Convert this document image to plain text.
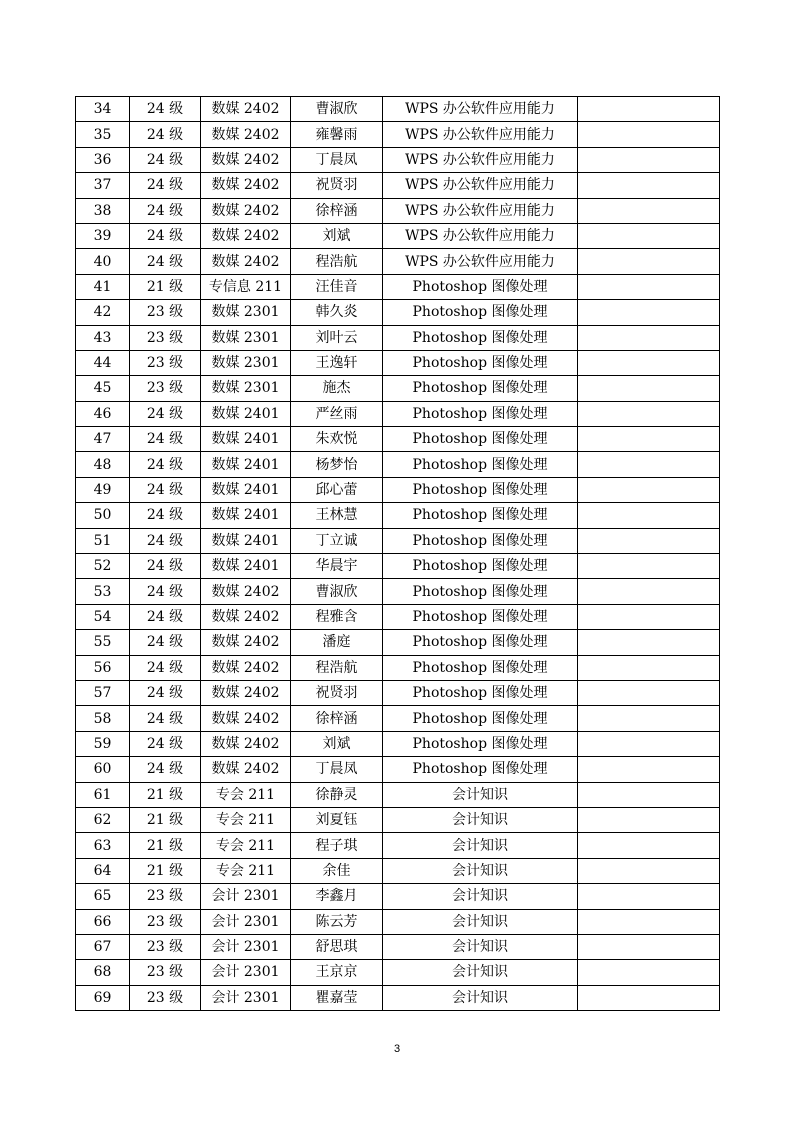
34	24 级	数媒 2402	曹淑欣	WPS 办公软件应用能力	
35	24 级	数媒 2402	雍馨雨	WPS 办公软件应用能力	
36	24 级	数媒 2402	丁晨凤	WPS 办公软件应用能力	
37	24 级	数媒 2402	祝贤羽	WPS 办公软件应用能力	
38	24 级	数媒 2402	徐梓涵	WPS 办公软件应用能力	
39	24 级	数媒 2402	刘斌	WPS 办公软件应用能力	
40	24 级	数媒 2402	程浩航	WPS 办公软件应用能力	
41	21 级	专信息 211	汪佳音	Photoshop 图像处理	
42	23 级	数媒 2301	韩久炎	Photoshop 图像处理	
43	23 级	数媒 2301	刘叶云	Photoshop 图像处理	
44	23 级	数媒 2301	王逸轩	Photoshop 图像处理	
45	23 级	数媒 2301	施杰	Photoshop 图像处理	
46	24 级	数媒 2401	严丝雨	Photoshop 图像处理	
47	24 级	数媒 2401	朱欢悦	Photoshop 图像处理	
48	24 级	数媒 2401	杨梦怡	Photoshop 图像处理	
49	24 级	数媒 2401	邱心蕾	Photoshop 图像处理	
50	24 级	数媒 2401	王林慧	Photoshop 图像处理	
51	24 级	数媒 2401	丁立诚	Photoshop 图像处理	
52	24 级	数媒 2401	华晨宇	Photoshop 图像处理	
53	24 级	数媒 2402	曹淑欣	Photoshop 图像处理	
54	24 级	数媒 2402	程雅含	Photoshop 图像处理	
55	24 级	数媒 2402	潘庭	Photoshop 图像处理	
56	24 级	数媒 2402	程浩航	Photoshop 图像处理	
57	24 级	数媒 2402	祝贤羽	Photoshop 图像处理	
58	24 级	数媒 2402	徐梓涵	Photoshop 图像处理	
59	24 级	数媒 2402	刘斌	Photoshop 图像处理	
60	24 级	数媒 2402	丁晨凤	Photoshop 图像处理	
61	21 级	专会 211	徐静灵	会计知识	
62	21 级	专会 211	刘夏钰	会计知识	
63	21 级	专会 211	程子琪	会计知识	
64	21 级	专会 211	余佳	会计知识	
65	23 级	会计 2301	李鑫月	会计知识	
66	23 级	会计 2301	陈云芳	会计知识	
67	23 级	会计 2301	舒思琪	会计知识	
68	23 级	会计 2301	王京京	会计知识	
69	23 级	会计 2301	瞿嘉莹	会计知识	
3
